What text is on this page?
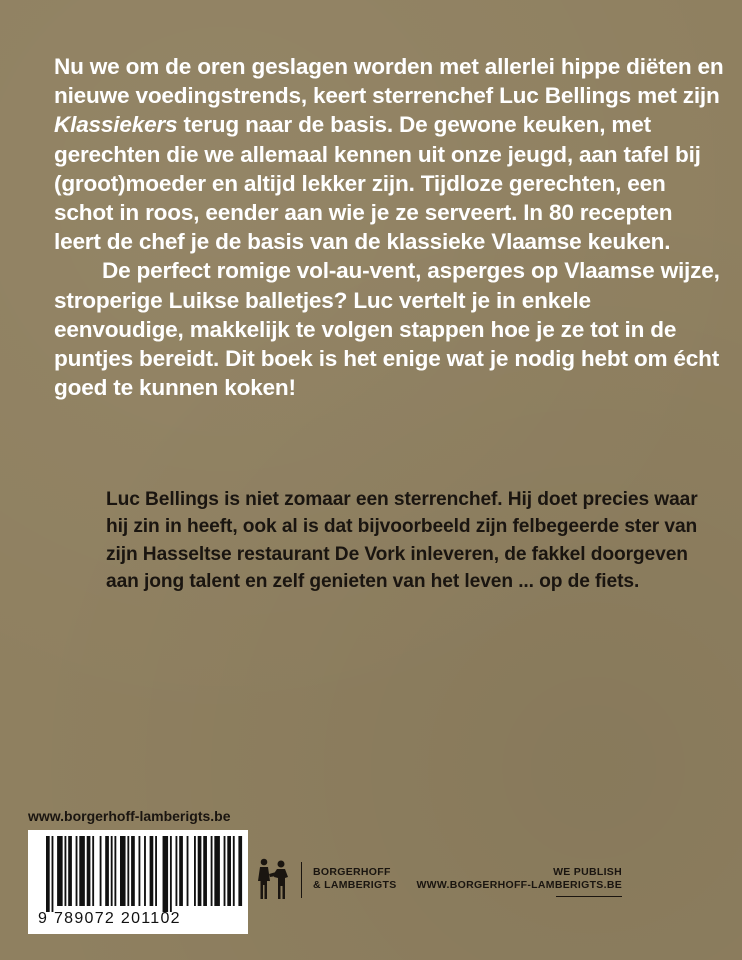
Nu we om de oren geslagen worden met allerlei hippe diëten en nieuwe voedingstrends, keert sterrenchef Luc Bellings met zijn Klassiekers terug naar de basis. De gewone keuken, met gerechten die we allemaal kennen uit onze jeugd, aan tafel bij (groot)moeder en altijd lekker zijn. Tijdloze gerechten, een schot in roos, eender aan wie je ze serveert. In 80 recepten leert de chef je de basis van de klassieke Vlaamse keuken.

De perfect romige vol-au-vent, asperges op Vlaamse wijze, stroperige Luikse balletjes? Luc vertelt je in enkele eenvoudige, makkelijk te volgen stappen hoe je ze tot in de puntjes bereidt. Dit boek is het enige wat je nodig hebt om écht goed te kunnen koken!

Luc Bellings is niet zomaar een sterrenchef. Hij doet precies waar hij zin in heeft, ook al is dat bijvoorbeeld zijn felbegeerde ster van zijn Hasseltse restaurant De Vork inleveren, de fakkel doorgeven aan jong talent en zelf genieten van het leven ... op de fiets.

www.borgerhoff-lamberigts.be
9 789072 201102
BORGERHOFF
& LAMBERIGTS
WE PUBLISH
WWW.BORGERHOFF-LAMBERIGTS.BE
